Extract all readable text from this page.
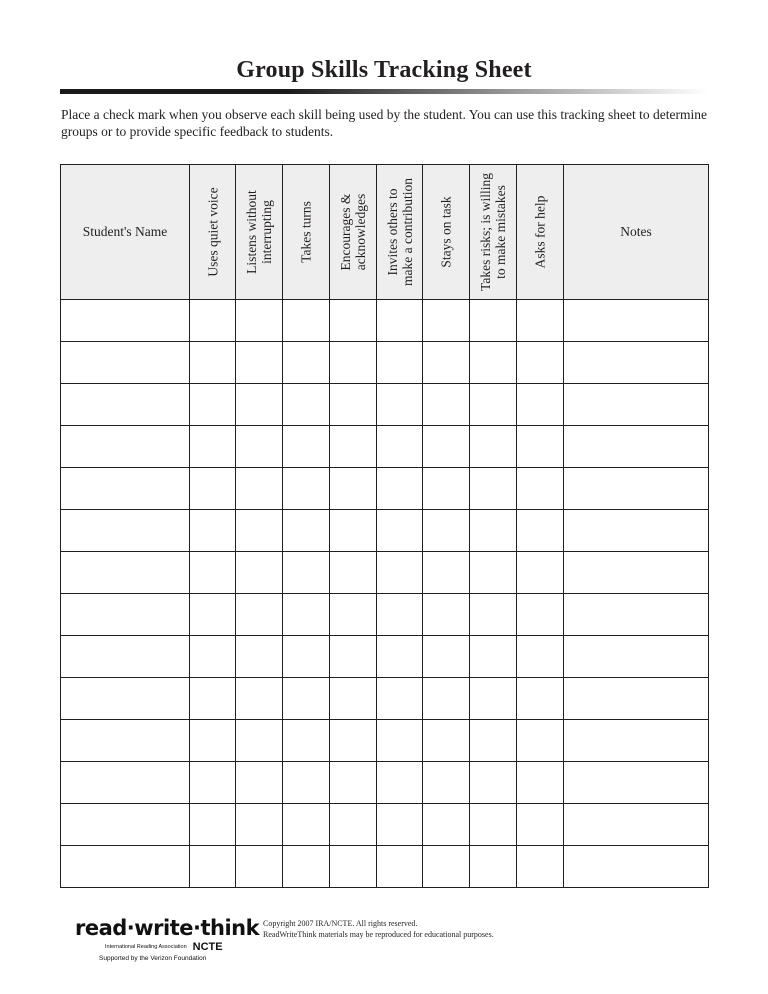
Group Skills Tracking Sheet
Place a check mark when you observe each skill being used by the student. You can use this tracking sheet to determine groups or to provide specific feedback to students.
Student's Name	Uses quiet voice	Listens without interrupting	Takes turns	Encourages & acknowledges	Invites others to make a contribution	Stays on task	Takes risks; is willing to make mistakes	Asks for help	Notes

read·write·think
International Reading Association NCTE
Supported by the Verizon Foundation
Copyright 2007 IRA/NCTE. All rights reserved.
ReadWriteThink materials may be reproduced for educational purposes.
